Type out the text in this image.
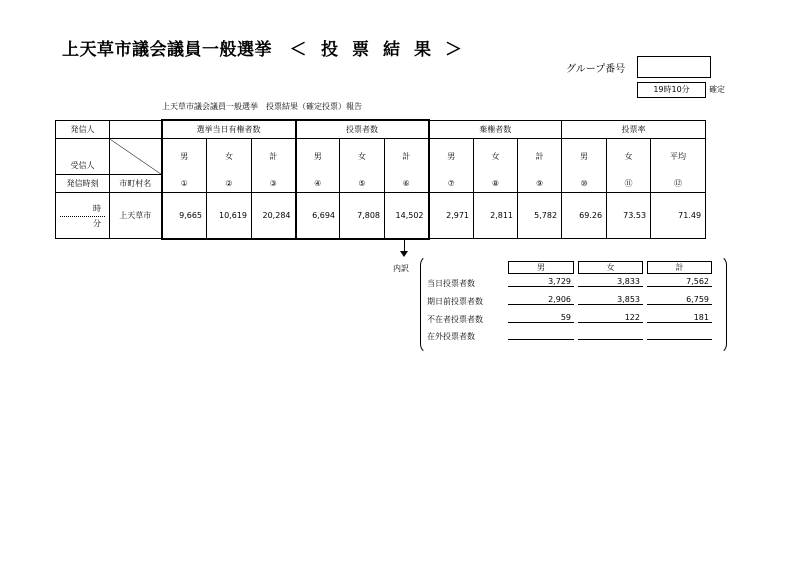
上天草市議会議員一般選挙　 ＜ 投票結果＞
グループ番号
19時10分	確定
上天草市議会議員一般選挙　投票結果（確定投票）報告
発信人		選挙当日有権者数			投票者数			棄権者数			投票率		
受信人		男	女	計	男	女	計	男	女	計	男	女	平均
発信時刻	市町村名	①	②	③	④	⑤	⑥	⑦	⑧	⑨	⑩	⑪	⑫

時
分	上天草市	9,665	10,619	20,284	6,694	7,808	14,502	2,971	2,811	5,782	69.26	73.53	71.49
内訳	男	女	計
当日投票者数	3,729	3,833	7,562
期日前投票者数	2,906	3,853	6,759
不在者投票者数	59	122	181
在外投票者数
